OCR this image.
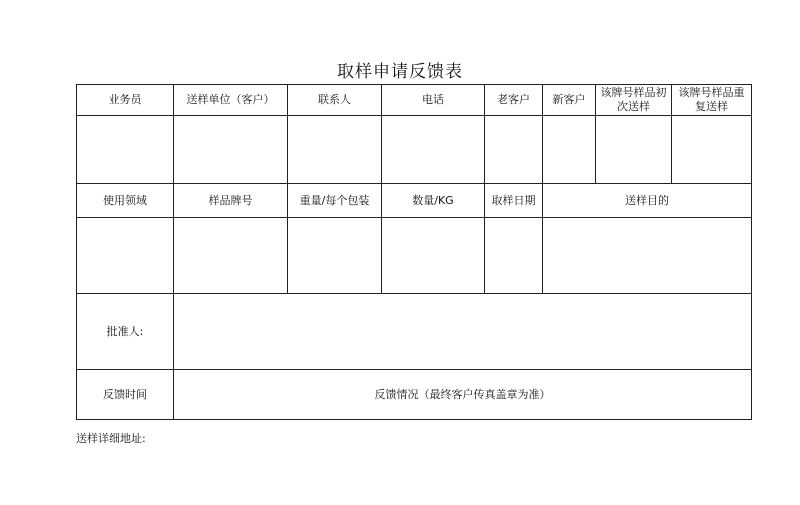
取样申请反馈表
业务员	送样单位（客户）	联系人	电话	老客户	新客户	该牌号样品初次送样	该牌号样品重复送样

使用领域	样品牌号	重量/每个包装	数量/KG	取样日期	送样目的		

批准人:							
反馈时间	反馈情况（最终客户传真盖章为准）						
送样详细地址:
